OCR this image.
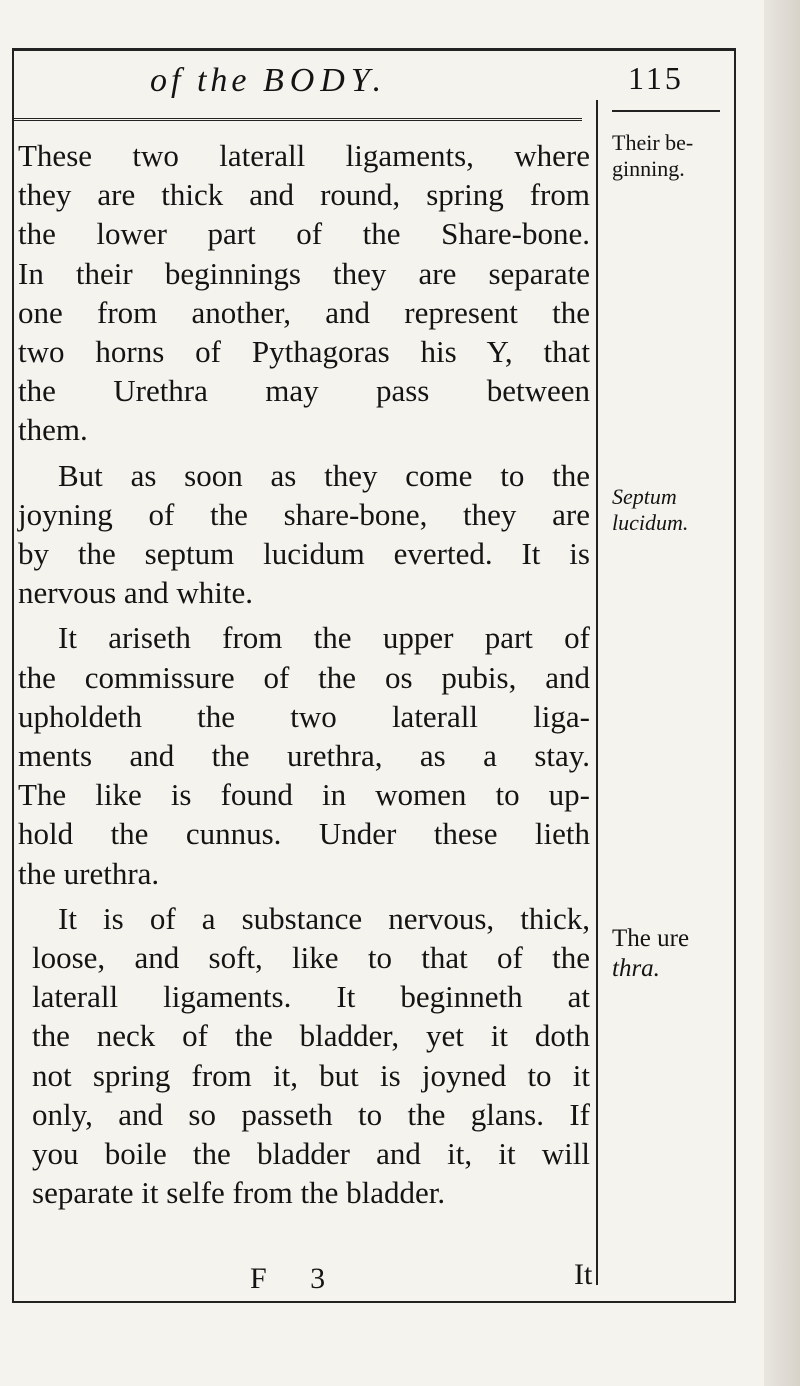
of the BODY.	115

These two laterall ligaments, where
they are thick and round, spring from
the lower part of the Share-bone.
In their beginnings they are separate
one from another, and represent the
two horns of Pythagoras his Y, that
the Urethra may pass between
them.

But as soon as they come to the
joyning of the share-bone, they are
by the septum lucidum everted. It is
nervous and white.

It ariseth from the upper part of
the commissure of the os pubis, and
upholdeth the two laterall liga-
ments and the urethra, as a stay.
The like is found in women to up-
hold the cunnus. Under these lieth
the urethra.

It is of a substance nervous, thick,
loose, and soft, like to that of the
laterall ligaments. It beginneth at
the neck of the bladder, yet it doth
not spring from it, but is joyned to it
only, and so passeth to the glans. If
you boile the bladder and it, it will
separate it selfe from the bladder.

Their be-
ginning.
Septum
lucidum.
The ure
thra.
F 3	It
